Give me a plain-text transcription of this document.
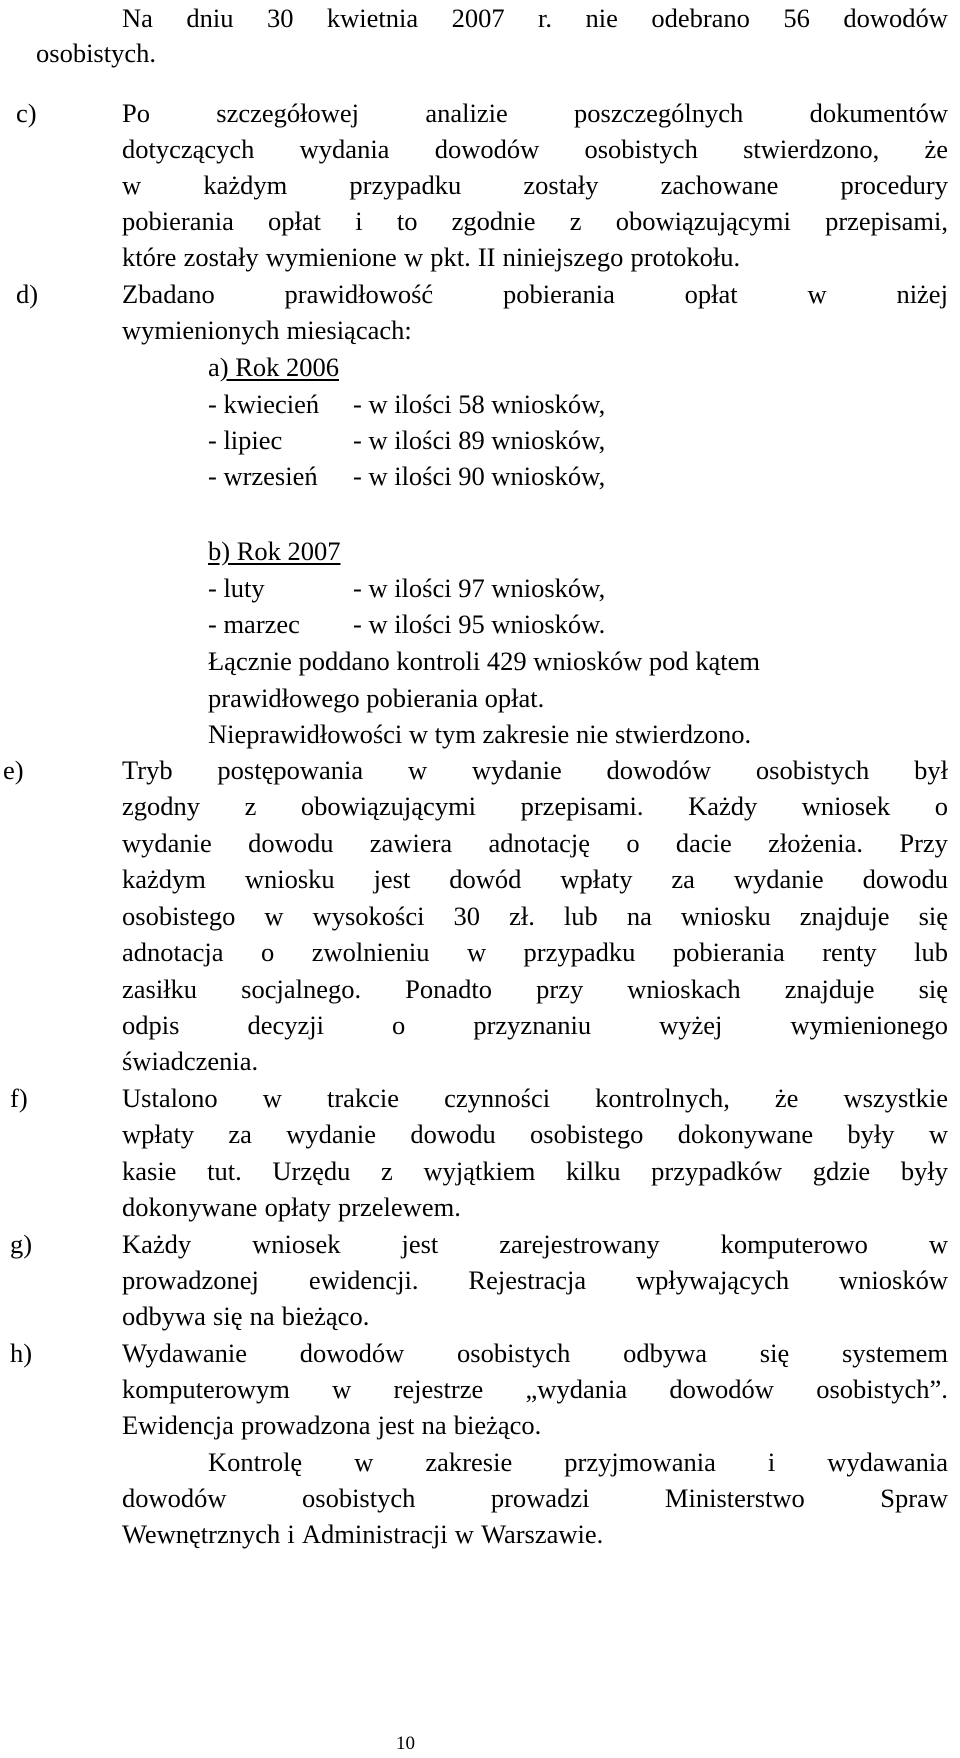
Na dniu 30 kwietnia 2007 r. nie odebrano 56 dowodów
osobistych.
c)	Po	szczegółowej	analizie	poszczególnych	dokumentów
dotyczących wydania dowodów osobistych stwierdzono, że
w każdym przypadku zostały zachowane procedury
pobierania opłat i to zgodnie z obowiązującymi przepisami,
które zostały wymienione w pkt. II niniejszego protokołu.
d)	Zbadano	prawidłowość	pobierania	opłat	w	niżej
wymienionych miesiącach:
a) Rok 2006
- kwiecień - w ilości 58 wniosków,
- lipiec	- w ilości 89 wniosków,
- wrzesień - w ilości 90 wniosków,
b) Rok 2007
- luty	- w ilości 97 wniosków,
- marzec - w ilości 95 wniosków.
Łącznie poddano kontroli 429 wniosków pod kątem
prawidłowego pobierania opłat.
Nieprawidłowości w tym zakresie nie stwierdzono.
e)	Tryb postępowania w wydanie dowodów osobistych był
zgodny z obowiązującymi przepisami. Każdy wniosek o
wydanie dowodu zawiera adnotację o dacie złożenia. Przy
każdym wniosku jest dowód wpłaty za wydanie dowodu
osobistego w wysokości 30 zł. lub na wniosku znajduje się
adnotacja o zwolnieniu w przypadku pobierania renty lub
zasiłku socjalnego. Ponadto przy wnioskach znajduje się
odpis	decyzji	o	przyznaniu	wyżej	wymienionego
świadczenia.
f)	Ustalono w trakcie czynności kontrolnych, że wszystkie
wpłaty za wydanie dowodu osobistego dokonywane były w
kasie tut. Urzędu z wyjątkiem kilku przypadków gdzie były
dokonywane opłaty przelewem.
g)	Każdy wniosek jest zarejestrowany komputerowo w
prowadzonej ewidencji. Rejestracja wpływających wniosków
odbywa się na bieżąco.
h)	Wydawanie dowodów osobistych odbywa się systemem
komputerowym w rejestrze „wydania dowodów osobistych”.
Ewidencja prowadzona jest na bieżąco.
Kontrolę w zakresie przyjmowania i wydawania
dowodów	osobistych	prowadzi	Ministerstwo	Spraw
Wewnętrznych i Administracji w Warszawie.
10
